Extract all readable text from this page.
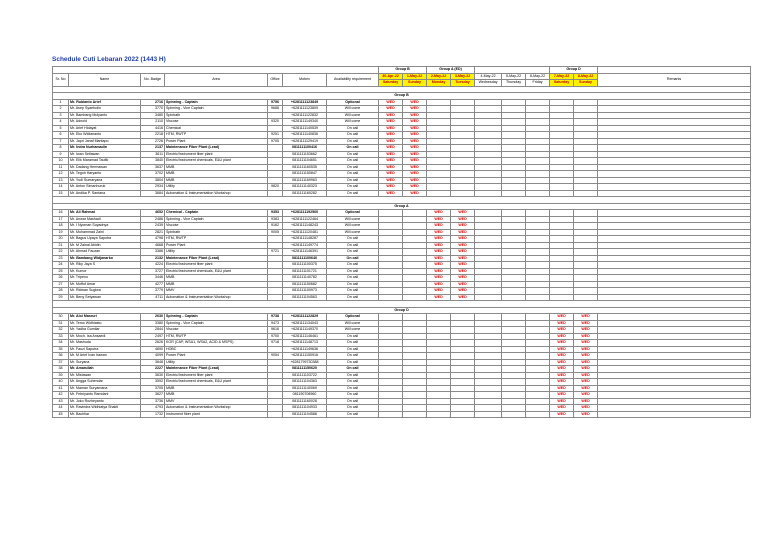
Schedule Cuti Lebaran 2022 (1443 H)
							Group B		Group A (ED)					Group D		
Sr. No	Name	No. Badge	Area	Office	Mobex	Availability requirement	30-Apr-22	1-May-22	2-May-22	3-May-22	4-May-22	5-May-22	6-May-22	7-May-22	8-May-22	Remarks
							Saturday	Sunday	Monday	Tuesday	Wednesday	Thursday	Friday	Saturday	Sunday	

Group B																
1	Mr. Rubianto Arief	2716	Spinning - Captain	9756	+6281111123849	Optional	WED	WED								
2	Mr. Asep Syaefudin	3770	Spinning - Vice Captain	9688	+6281111123809	Will come	WED	WED								
3	Mr. Bambang Mulyanto	3480	Spinbath		+6281111122832	Will come	WED	WED								
4	Mr. Adnold	2110	Viscose	9320	+6281111149340	Will come	WED	WED								
5	Mr. Arief Hidayat	4416	Chemical		+6281111140539	On call	WED	WED								
6	Mr. Eko Widiananto	2218	HTM, RWTP	9251	+6281111140836	On call	WED	WED								
7	Mr. Japri Janaf Mantapo	2726	Power Plant	9705	+6281111129419	On call	WED	WED								
8	Mr. Indra Nurhamadin	2137	Maintenance Fiber Plant (Lead)		0811111100416	On call	WED	WED								
9	Mr. Iwan Setiawan	3611	Electric/Instrument fiber plant		0811111153662	On call	WED	WED								
10	Mr. Elik Maramad Taufik	3840	Electric/Instrument chemicals, E&U plant		0811111104651	On call	WED	WED								
11	Mr. Dadang Hermawan	3637	MMB		0811111160535	On call	WED	WED								
12	Mr. Teguh Haryanto	3702	MMB		0811111150847	On call	WED	WED								
13	Mr. Yudi Sumaryana	3804	MMB		0811111169963	On call	WED	WED								
14	Mr. Anton Simanhuruk	2934	Utility	9820	0811111140323	On call	WED	WED								
15	Mr. Andika P. Santana	3684	Automation & Instrumentation Workshop		0811111160282	On call	WED	WED								

Group A																
16	Mr. Ali Rahmat	4652	Chemical - Captain	9353	+6281111192560	Optional			WED	WED						
17	Mr. Anwar Mashadi	2486	Spinning - Vice Captain	9383	+6281111122464	Will come			WED	WED						
18	Mr. I Nyoman Suyadnya	2439	Viscose	9162	+6281111148243	Will come			WED	WED						
19	Mr. Muhammad Zaini	2821	Spinbath	9005	+6281111120481	Will come			WED	WED						
20	Mr. Bagus Upaya Saputra	4798	HTM, RWTP		+6281111148287	On call			WED	WED						
21	Mr. M Zainal Abidin	4668	Power Plant		+6281111149774	On call			WED	WED						
22	Mr. Ahmad Fauzan	3386	Utility	9721	+6281111146391	On call			WED	WED						
23	Mr. Bambang Widjanarko	2132	Maintenance Fiber Plant (Lead)		0811111100640	On call			WED	WED						
24	Mr. Riky Jaya S	4224	Electric/Instrument fiber plant		0811111100375	On call			WED	WED						
25	Mr. Kumor	3727	Electric/Instrument chemicals, E&U plant		0811111101721	On call			WED	WED						
26	Mr. Tripeno	3446	MMB		0811111140782	On call			WED	WED						
27	Mr. Moffuf Amar	4277	MMB		0811111150682	On call			WED	WED						
28	Mr. Ridwan Sugiwa	3779	MMV		0811111100973	On call			WED	WED						
29	Mr. Beny Setyawan	4711	Automation & Instrumentation Workshop		0811111104563	On call			WED	WED						

Group D																
30	Mr. Aloi Masruri	2630	Spinning - Captain	9738	+6281111122829	Optional								WED	WED	
31	Mr. Temo Widhiasto	3380	Spinning - Vice Captain	9473	+6281111134043	Will come								WED	WED	
32	Mr. Yadha Gumilar	2844	Viscose	9616	+6281111149370	Will come								WED	WED	
33	Mr. Moch. Isa Ansaedi	2497	HTM, RWTP	9700	+6281111146461	On call								WED	WED	
34	Mr. Mashuda	2626	KGR (CAP, WSA1, WSA2, ACID & MSPS)	9718	+6281111148713	On call								WED	WED	
35	Mr. Fauzi Saputra	4690	HOBC		+6281111149636	On call								WED	WED	
36	Mr. M Arief Ivan Irawan	4099	Power Plant	9054	+6281111150916	On call								WED	WED	
37	Mr. Suryana	3648	Utility		+6281799730388	On call								WED	WED	
38	Mr. Amarullah	2227	Maintenance Fiber Plant (Lead)		0811111150620	On call								WED	WED	
39	Mr. Mistawan	3630	Electric/Instrument fiber plant		0811111103722	On call								WED	WED	
40	Mr. Angga Suhendar	3592	Electric/Instrument chemicals, E&U plant		0811111104363	On call								WED	WED	
41	Mr. Maman Suryamana	3705	MMB		0811111140069	On call								WED	WED	
42	Mr. Febriyanto Ramdani	3627	MMB		081190708960	On call								WED	WED	
43	Mr. Joko Rozheyanto	3736	MMV		0811111160028	On call								WED	WED	
44	Mr. Ravindra Widhiatya Shakti	4793	Automation & Instrumentation Workshop		0811111104933	On call								WED	WED	
45	Mr. Bachtiar	1732	Instrument fiber plant		0811111104588	On call								WED	WED	
